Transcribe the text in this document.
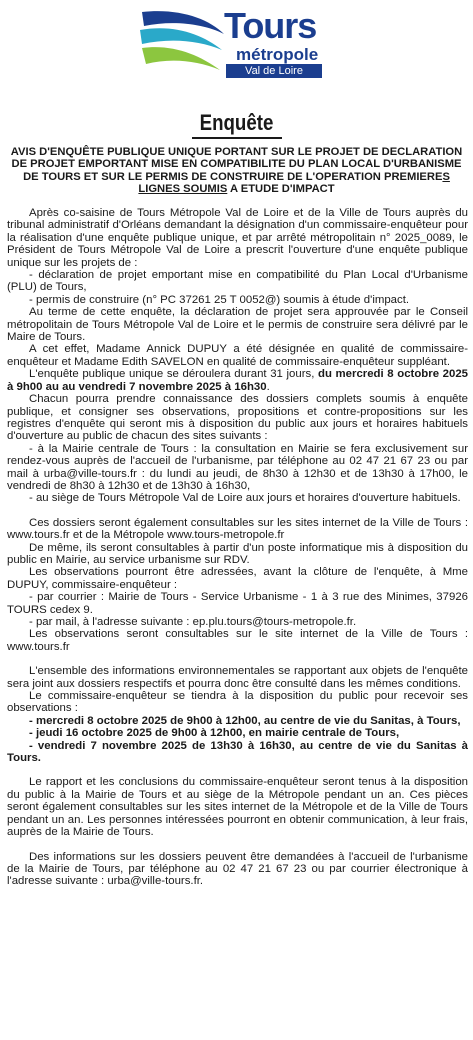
Tours
métropole
Val de Loire
Enquête
AVIS D'ENQUÊTE PUBLIQUE UNIQUE PORTANT SUR LE PROJET DE DECLARATION DE PROJET EMPORTANT MISE EN COMPATIBILITE DU PLAN LOCAL D'URBANISME DE TOURS ET SUR LE PERMIS DE CONSTRUIRE DE L'OPERATION PREMIERES LIGNES SOUMIS A ETUDE D'IMPACT

Après co-saisine de Tours Métropole Val de Loire et de la Ville de Tours auprès du tribunal administratif d'Orléans demandant la désignation d'un commissaire-enquêteur pour la réalisation d'une enquête publique unique, et par arrêté métropolitain n° 2025_0089, le Président de Tours Métropole Val de Loire a prescrit l'ouverture d'une enquête publique unique sur les projets de :

- déclaration de projet emportant mise en compatibilité du Plan Local d'Urbanisme (PLU) de Tours,

- permis de construire (n° PC 37261 25 T 0052@) soumis à étude d'impact.

Au terme de cette enquête, la déclaration de projet sera approuvée par le Conseil métropolitain de Tours Métropole Val de Loire et le permis de construire sera délivré par le Maire de Tours.

A cet effet, Madame Annick DUPUY a été désignée en qualité de commissaire-enquêteur et Madame Edith SAVELON en qualité de commissaire-enquêteur suppléant.

L'enquête publique unique se déroulera durant 31 jours, du mercredi 8 octobre 2025 à 9h00 au au vendredi 7 novembre 2025 à 16h30.

Chacun pourra prendre connaissance des dossiers complets soumis à enquête publique, et consigner ses observations, propositions et contre-propositions sur les registres d'enquête qui seront mis à disposition du public aux jours et horaires habituels d'ouverture au public de chacun des sites suivants :

- à la Mairie centrale de Tours : la consultation en Mairie se fera exclusivement sur rendez-vous auprès de l'accueil de l'urbanisme, par téléphone au 02 47 21 67 23 ou par mail à urba@ville-tours.fr : du lundi au jeudi, de 8h30 à 12h30 et de 13h30 à 17h00, le vendredi de 8h30 à 12h30 et de 13h30 à 16h30,

- au siège de Tours Métropole Val de Loire aux jours et horaires d'ouverture habituels.

Ces dossiers seront également consultables sur les sites internet de la Ville de Tours : www.tours.fr et de la Métropole www.tours-metropole.fr

De même, ils seront consultables à partir d'un poste informatique mis à disposition du public en Mairie, au service urbanisme sur RDV.

Les observations pourront être adressées, avant la clôture de l'enquête, à Mme DUPUY, commissaire-enquêteur :

- par courrier : Mairie de Tours - Service Urbanisme - 1 à 3 rue des Minimes, 37926 TOURS cedex 9.

- par mail, à l'adresse suivante : ep.plu.tours@tours-metropole.fr.

Les observations seront consultables sur le site internet de la Ville de Tours : www.tours.fr

L'ensemble des informations environnementales se rapportant aux objets de l'enquête sera joint aux dossiers respectifs et pourra donc être consulté dans les mêmes conditions.

Le commissaire-enquêteur se tiendra à la disposition du public pour recevoir ses observations :

- mercredi 8 octobre 2025 de 9h00 à 12h00, au centre de vie du Sanitas, à Tours,

- jeudi 16 octobre 2025 de 9h00 à 12h00, en mairie centrale de Tours,

- vendredi 7 novembre 2025 de 13h30 à 16h30, au centre de vie du Sanitas à Tours.

Le rapport et les conclusions du commissaire-enquêteur seront tenus à la disposition du public à la Mairie de Tours et au siège de la Métropole pendant un an. Ces pièces seront également consultables sur les sites internet de la Métropole et de la Ville de Tours pendant un an. Les personnes intéressées pourront en obtenir communication, à leur frais, auprès de la Mairie de Tours.

Des informations sur les dossiers peuvent être demandées à l'accueil de l'urbanisme de la Mairie de Tours, par téléphone au 02 47 21 67 23 ou par courrier électronique à l'adresse suivante : urba@ville-tours.fr.
